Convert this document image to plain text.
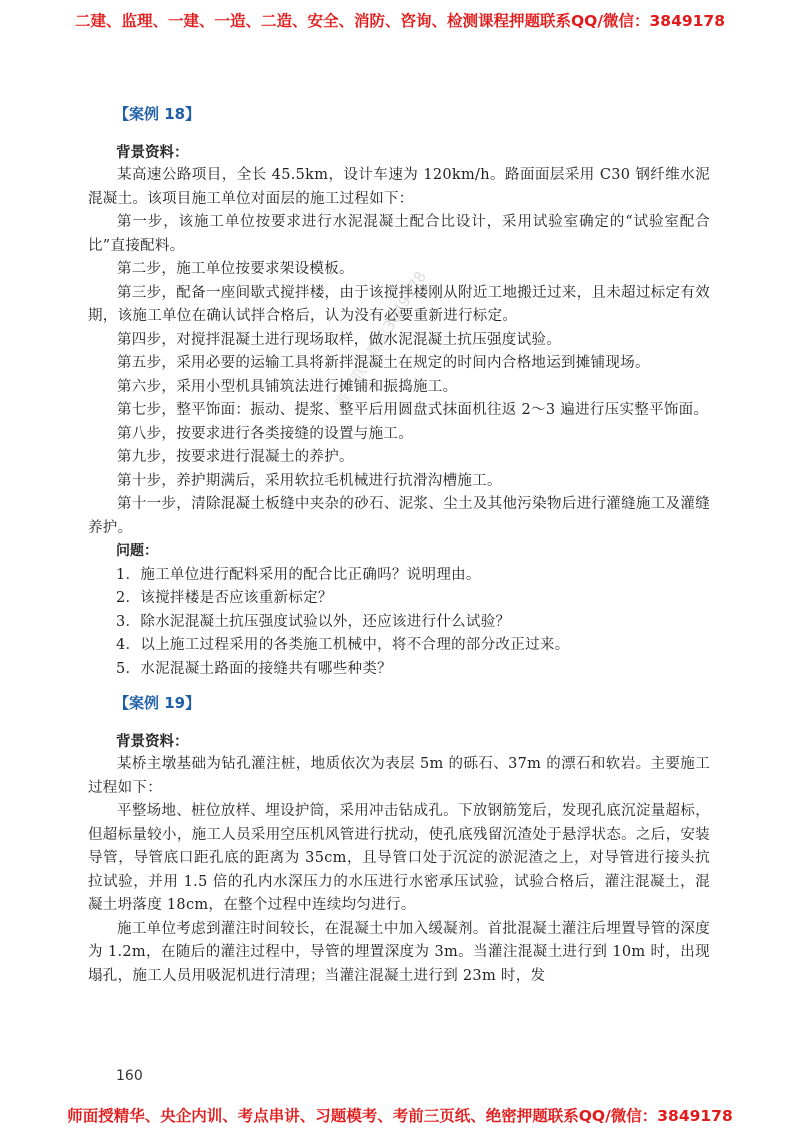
二建、监理、一建、一造、二造、安全、消防、咨询、检测课程押题联系QQ/微信：3849178
【案例 18】
背景资料：

某高速公路项目，全长 45.5km，设计车速为 120km/h。路面面层采用 C30 钢纤维水泥混凝土。该项目施工单位对面层的施工过程如下：

第一步，该施工单位按要求进行水泥混凝土配合比设计，采用试验室确定的“试验室配合比”直接配料。

第二步，施工单位按要求架设模板。

第三步，配备一座间歇式搅拌楼，由于该搅拌楼刚从附近工地搬迁过来，且未超过标定有效期，该施工单位在确认试拌合格后，认为没有必要重新进行标定。

第四步，对搅拌混凝土进行现场取样，做水泥混凝土抗压强度试验。

第五步，采用必要的运输工具将新拌混凝土在规定的时间内合格地运到摊铺现场。

第六步，采用小型机具铺筑法进行摊铺和振捣施工。

第七步，整平饰面：振动、提浆、整平后用圆盘式抹面机往返 2～3 遍进行压实整平饰面。

第八步，按要求进行各类接缝的设置与施工。

第九步，按要求进行混凝土的养护。

第十步，养护期满后，采用软拉毛机械进行抗滑沟槽施工。

第十一步，清除混凝土板缝中夹杂的砂石、泥浆、尘土及其他污染物后进行灌缝施工及灌缝养护。

问题：
1．施工单位进行配料采用的配合比正确吗？说明理由。
2．该搅拌楼是否应该重新标定？
3．除水泥混凝土抗压强度试验以外，还应该进行什么试验？
4．以上施工过程采用的各类施工机械中，将不合理的部分改正过来。
5．水泥混凝土路面的接缝共有哪些种类？
【案例 19】
背景资料：

某桥主墩基础为钻孔灌注桩，地质依次为表层 5m 的砾石、37m 的漂石和软岩。主要施工过程如下：

平整场地、桩位放样、埋设护筒，采用冲击钻成孔。下放钢筋笼后，发现孔底沉淀量超标，但超标量较小，施工人员采用空压机风管进行扰动，使孔底残留沉渣处于悬浮状态。之后，安装导管，导管底口距孔底的距离为 35cm，且导管口处于沉淀的淤泥渣之上，对导管进行接头抗拉试验，并用 1.5 倍的孔内水深压力的水压进行水密承压试验，试验合格后，灌注混凝土，混凝土坍落度 18cm，在整个过程中连续均匀进行。

施工单位考虑到灌注时间较长，在混凝土中加入缓凝剂。首批混凝土灌注后埋置导管的深度为 1.2m，在随后的灌注过程中，导管的埋置深度为 3m。当灌注混凝土进行到 10m 时，出现塌孔，施工人员用吸泥机进行清理；当灌注混凝土进行到 23m 时，发

唯一联系微信3849178
160
师面授精华、央企内训、考点串讲、习题模考、考前三页纸、绝密押题联系QQ/微信：3849178
